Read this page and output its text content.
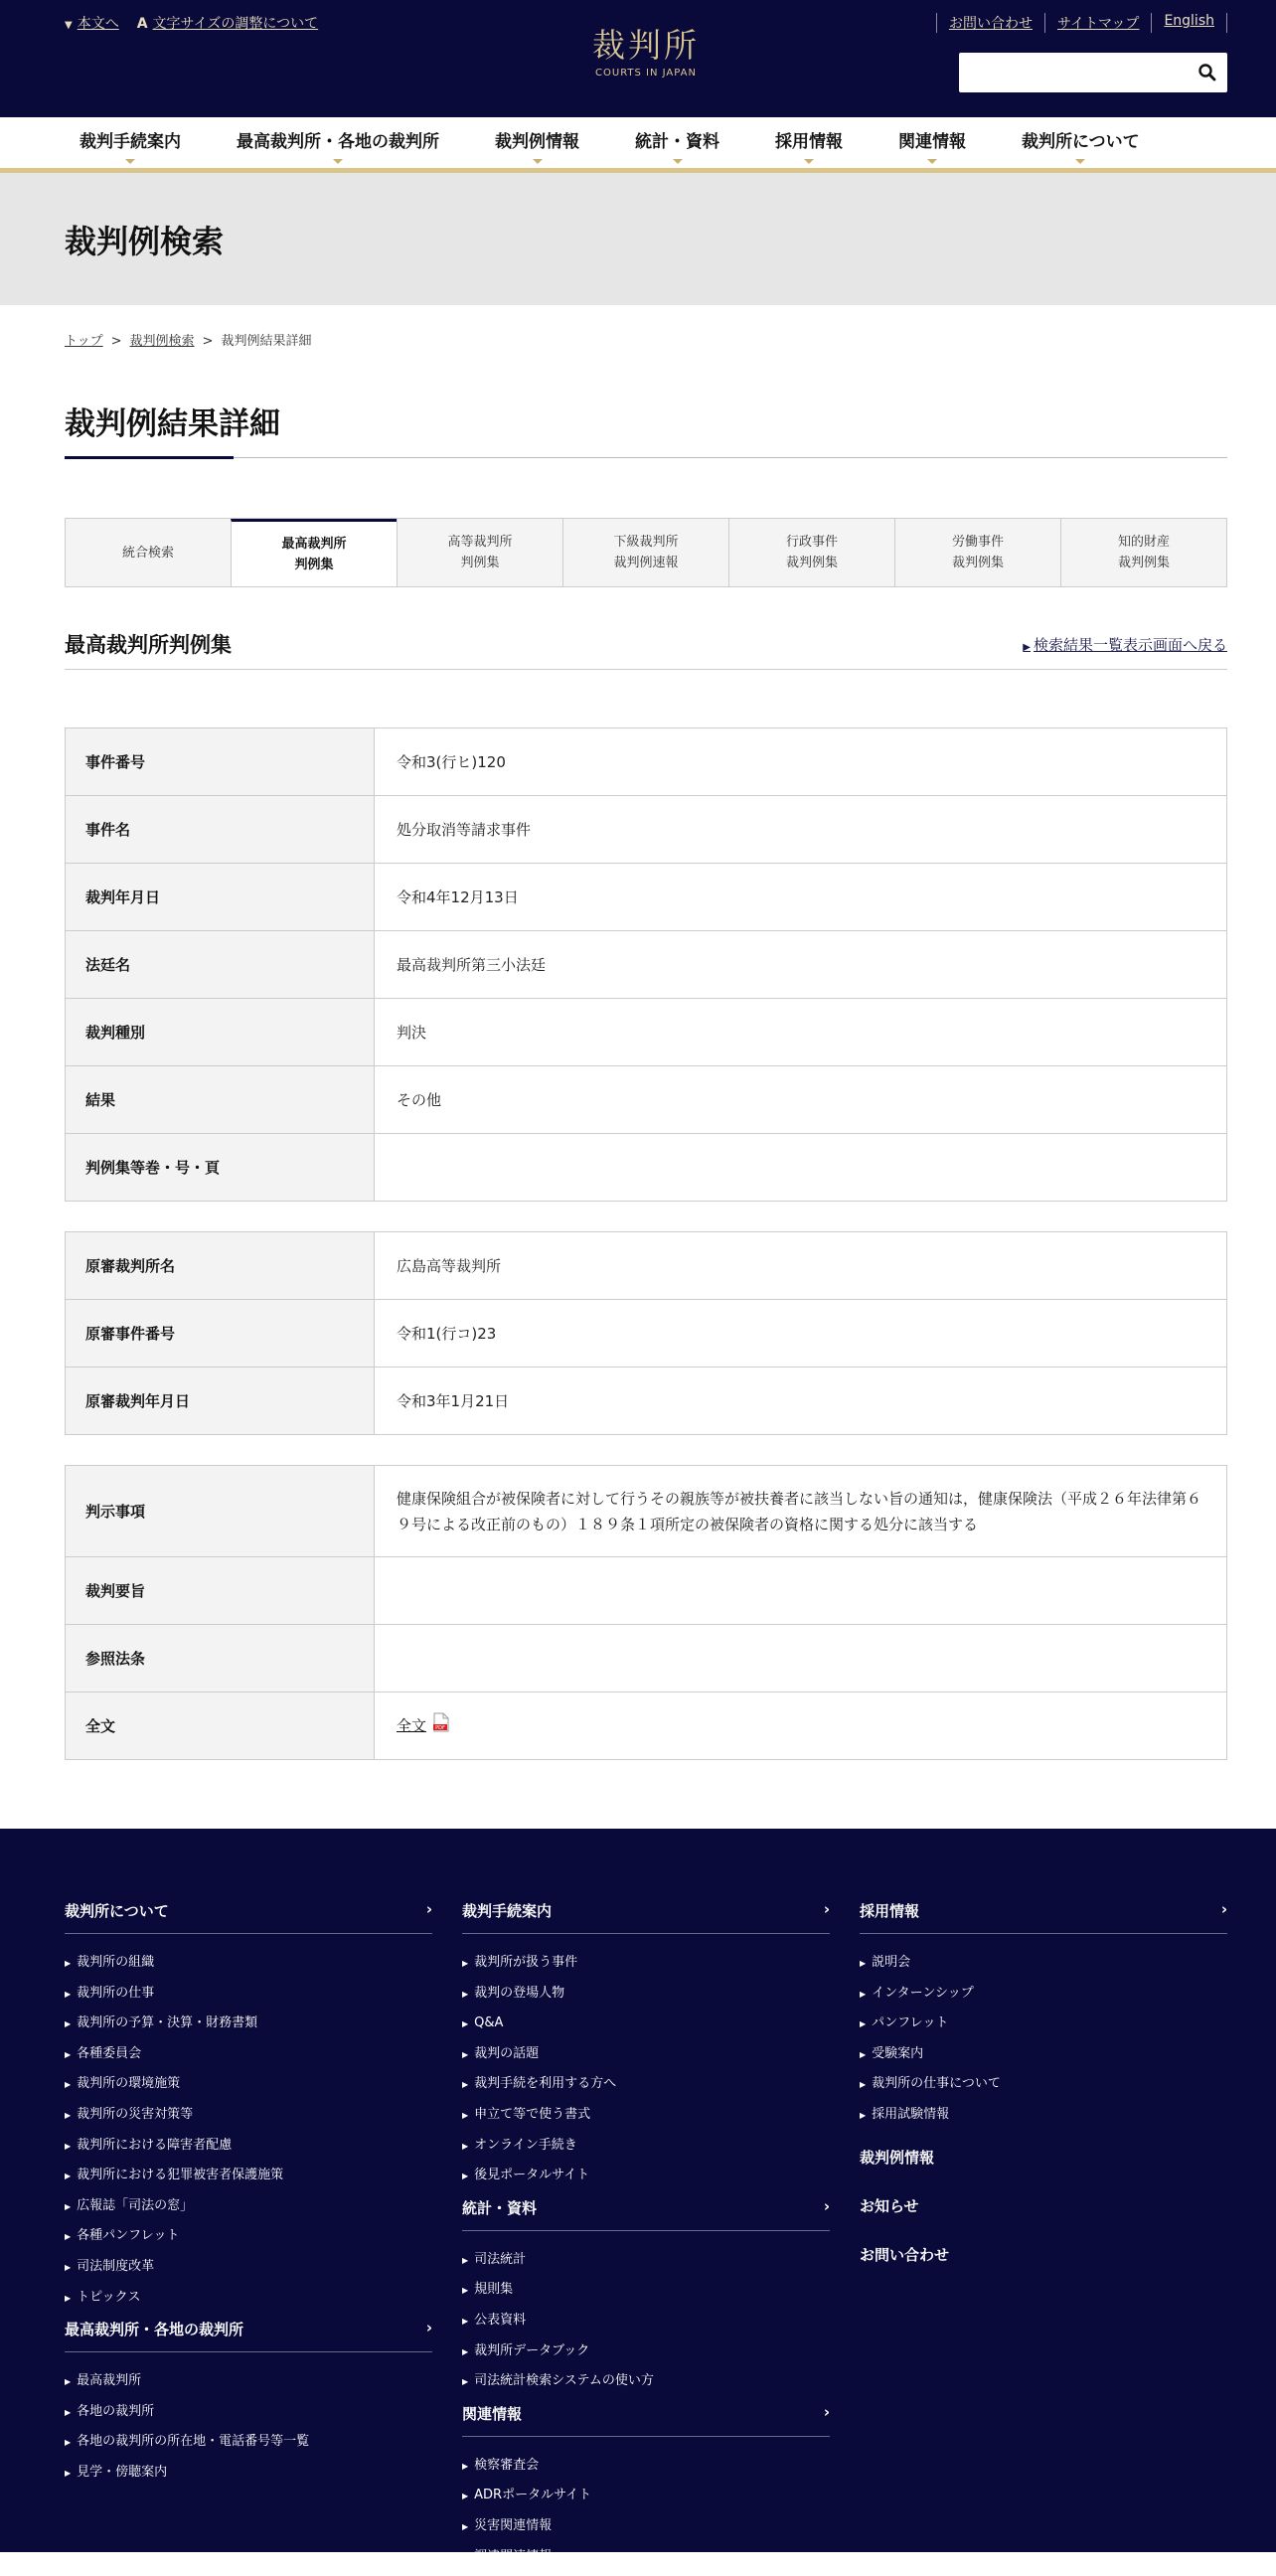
▼ 本文へ A 文字サイズの調整について
裁判所
COURTS IN JAPAN
お問い合わせ	サイトマップ	English
裁判手続案内	最高裁判所・各地の裁判所	裁判例情報	統計・資料	採用情報	関連情報	裁判所について
裁判例検索
トップ > 裁判例検索 > 裁判例結果詳細
裁判例結果詳細
統合検索
最高裁判所
判例集
高等裁判所
判例集
下級裁判所
裁判例速報
行政事件
裁判例集
労働事件
裁判例集
知的財産
裁判例集
最高裁判所判例集	▶ 検索結果一覧表示画面へ戻る
事件番号	令和3(行ヒ)120
事件名	処分取消等請求事件
裁判年月日	令和4年12月13日
法廷名	最高裁判所第三小法廷
裁判種別	判決
結果	その他
判例集等巻・号・頁	
原審裁判所名	広島高等裁判所
原審事件番号	令和1(行コ)23
原審裁判年月日	令和3年1月21日
判示事項	健康保険組合が被保険者に対して行うその親族等が被扶養者に該当しない旨の通知は，健康保険法（平成２６年法律第６９号による改正前のもの）１８９条１項所定の被保険者の資格に関する処分に該当する
裁判要旨	
参照法条	
全文	全文 PDF
裁判所について	›
▶ 裁判所の組織
▶ 裁判所の仕事
▶ 裁判所の予算・決算・財務書類
▶ 各種委員会
▶ 裁判所の環境施策
▶ 裁判所の災害対策等
▶ 裁判所における障害者配慮
▶ 裁判所における犯罪被害者保護施策
▶ 広報誌「司法の窓」
▶ 各種パンフレット
▶ 司法制度改革
▶ トピックス
最高裁判所・各地の裁判所	›
▶ 最高裁判所
▶ 各地の裁判所
▶ 各地の裁判所の所在地・電話番号等一覧
▶ 見学・傍聴案内
裁判手続案内	›
▶ 裁判所が扱う事件
▶ 裁判の登場人物
▶ Q&A
▶ 裁判の話題
▶ 裁判手続を利用する方へ
▶ 申立て等で使う書式
▶ オンライン手続き
▶ 後見ポータルサイト
統計・資料	›
▶ 司法統計
▶ 規則集
▶ 公表資料
▶ 裁判所データブック
▶ 司法統計検索システムの使い方
関連情報	›
▶ 検察審査会
▶ ADRポータルサイト
▶ 災害関連情報
▶ 調達関連情報
採用情報	›
▶ 説明会
▶ インターンシップ
▶ パンフレット
▶ 受験案内
▶ 裁判所の仕事について
▶ 採用試験情報
裁判例情報
お知らせ
お問い合わせ
